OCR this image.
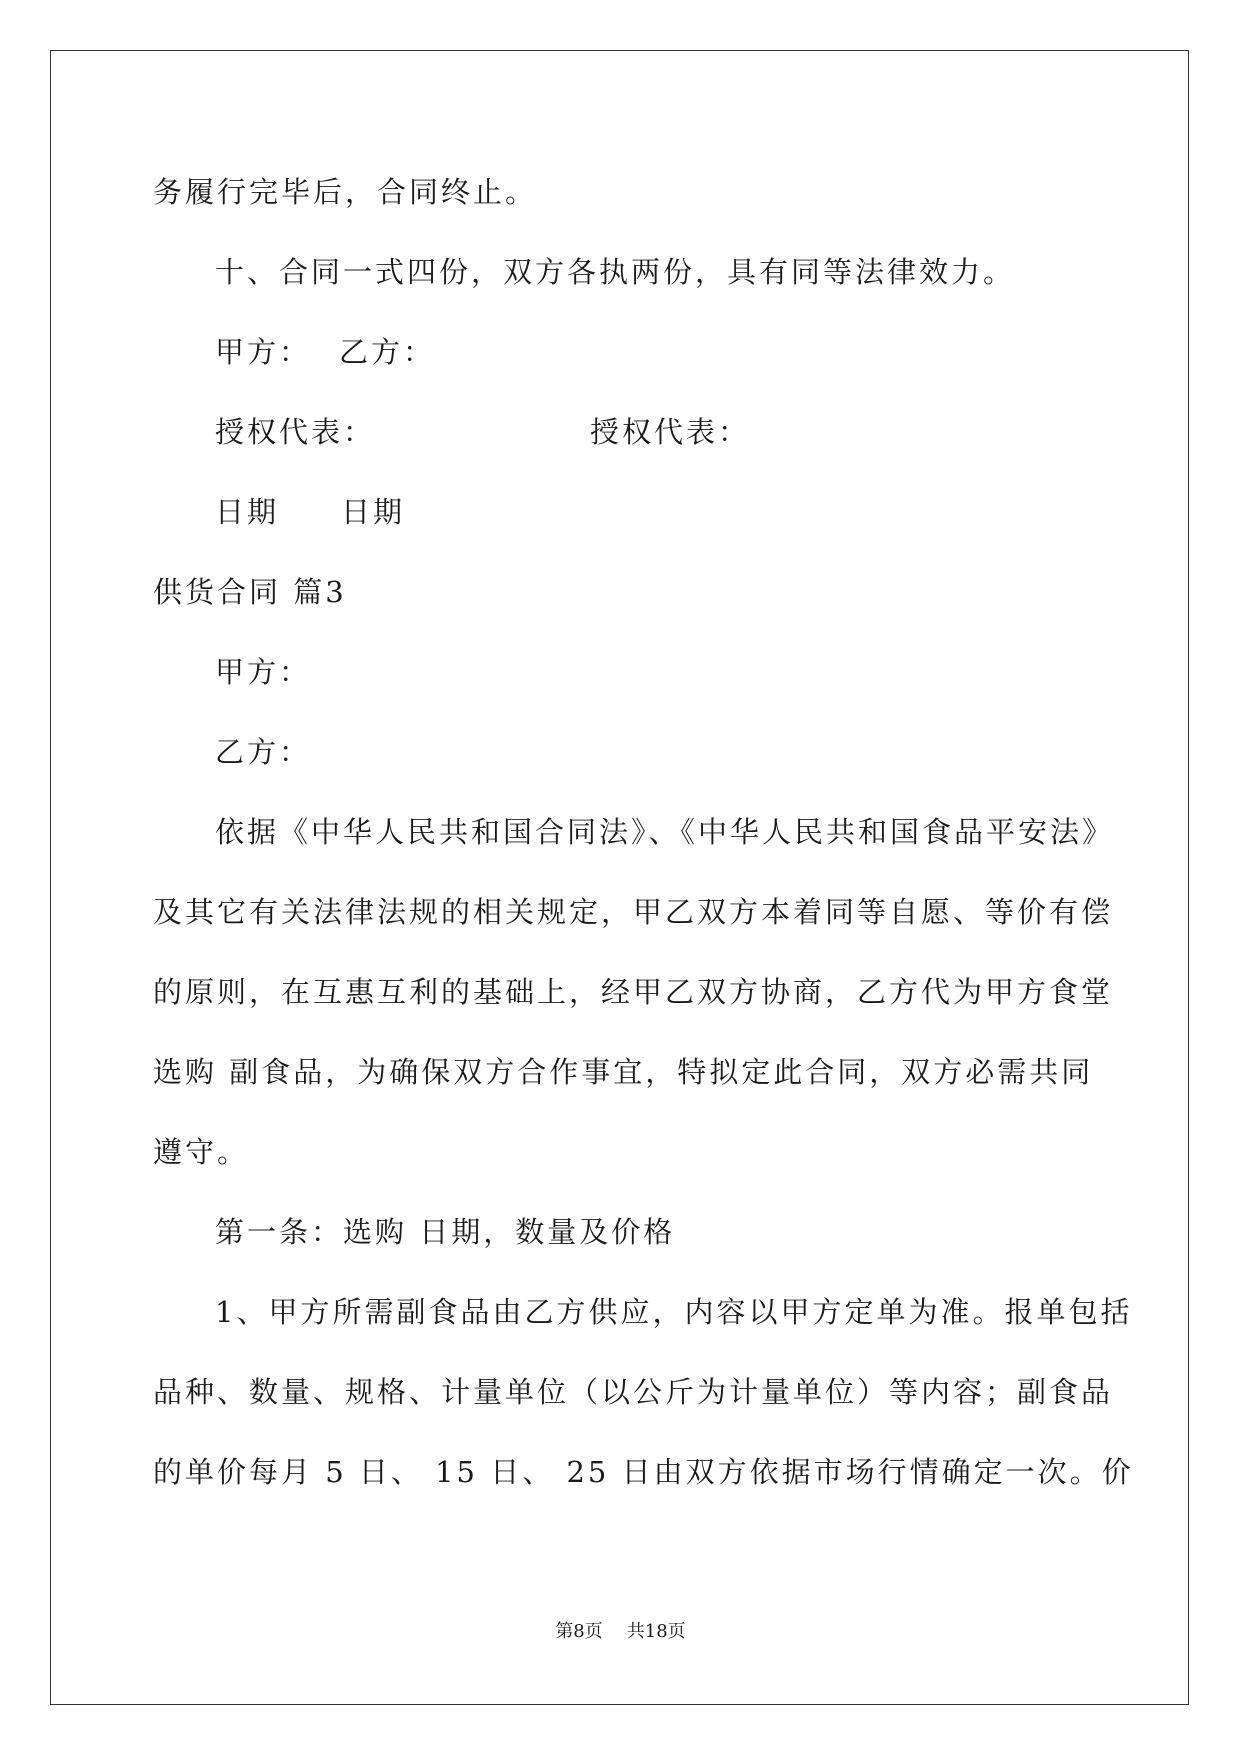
务履行完毕后，合同终止。
十、合同一式四份，双方各执两份，具有同等法律效力。
甲方： 乙方：
授权代表：	授权代表：
日期 日期
供货合同 篇3
甲方：
乙方：
依据《中华人民共和国合同法》、《中华人民共和国食品平安法》
及其它有关法律法规的相关规定，甲乙双方本着同等自愿、等价有偿
的原则，在互惠互利的基础上，经甲乙双方协商，乙方代为甲方食堂
选购 副食品，为确保双方合作事宜，特拟定此合同，双方必需共同
遵守。
第一条：选购 日期，数量及价格
1、甲方所需副食品由乙方供应，内容以甲方定单为准。报单包括
品种、数量、规格、计量单位（以公斤为计量单位）等内容；副食品
的单价每月 5 日、 15 日、 25 日由双方依据市场行情确定一次。价
第8页 共18页
